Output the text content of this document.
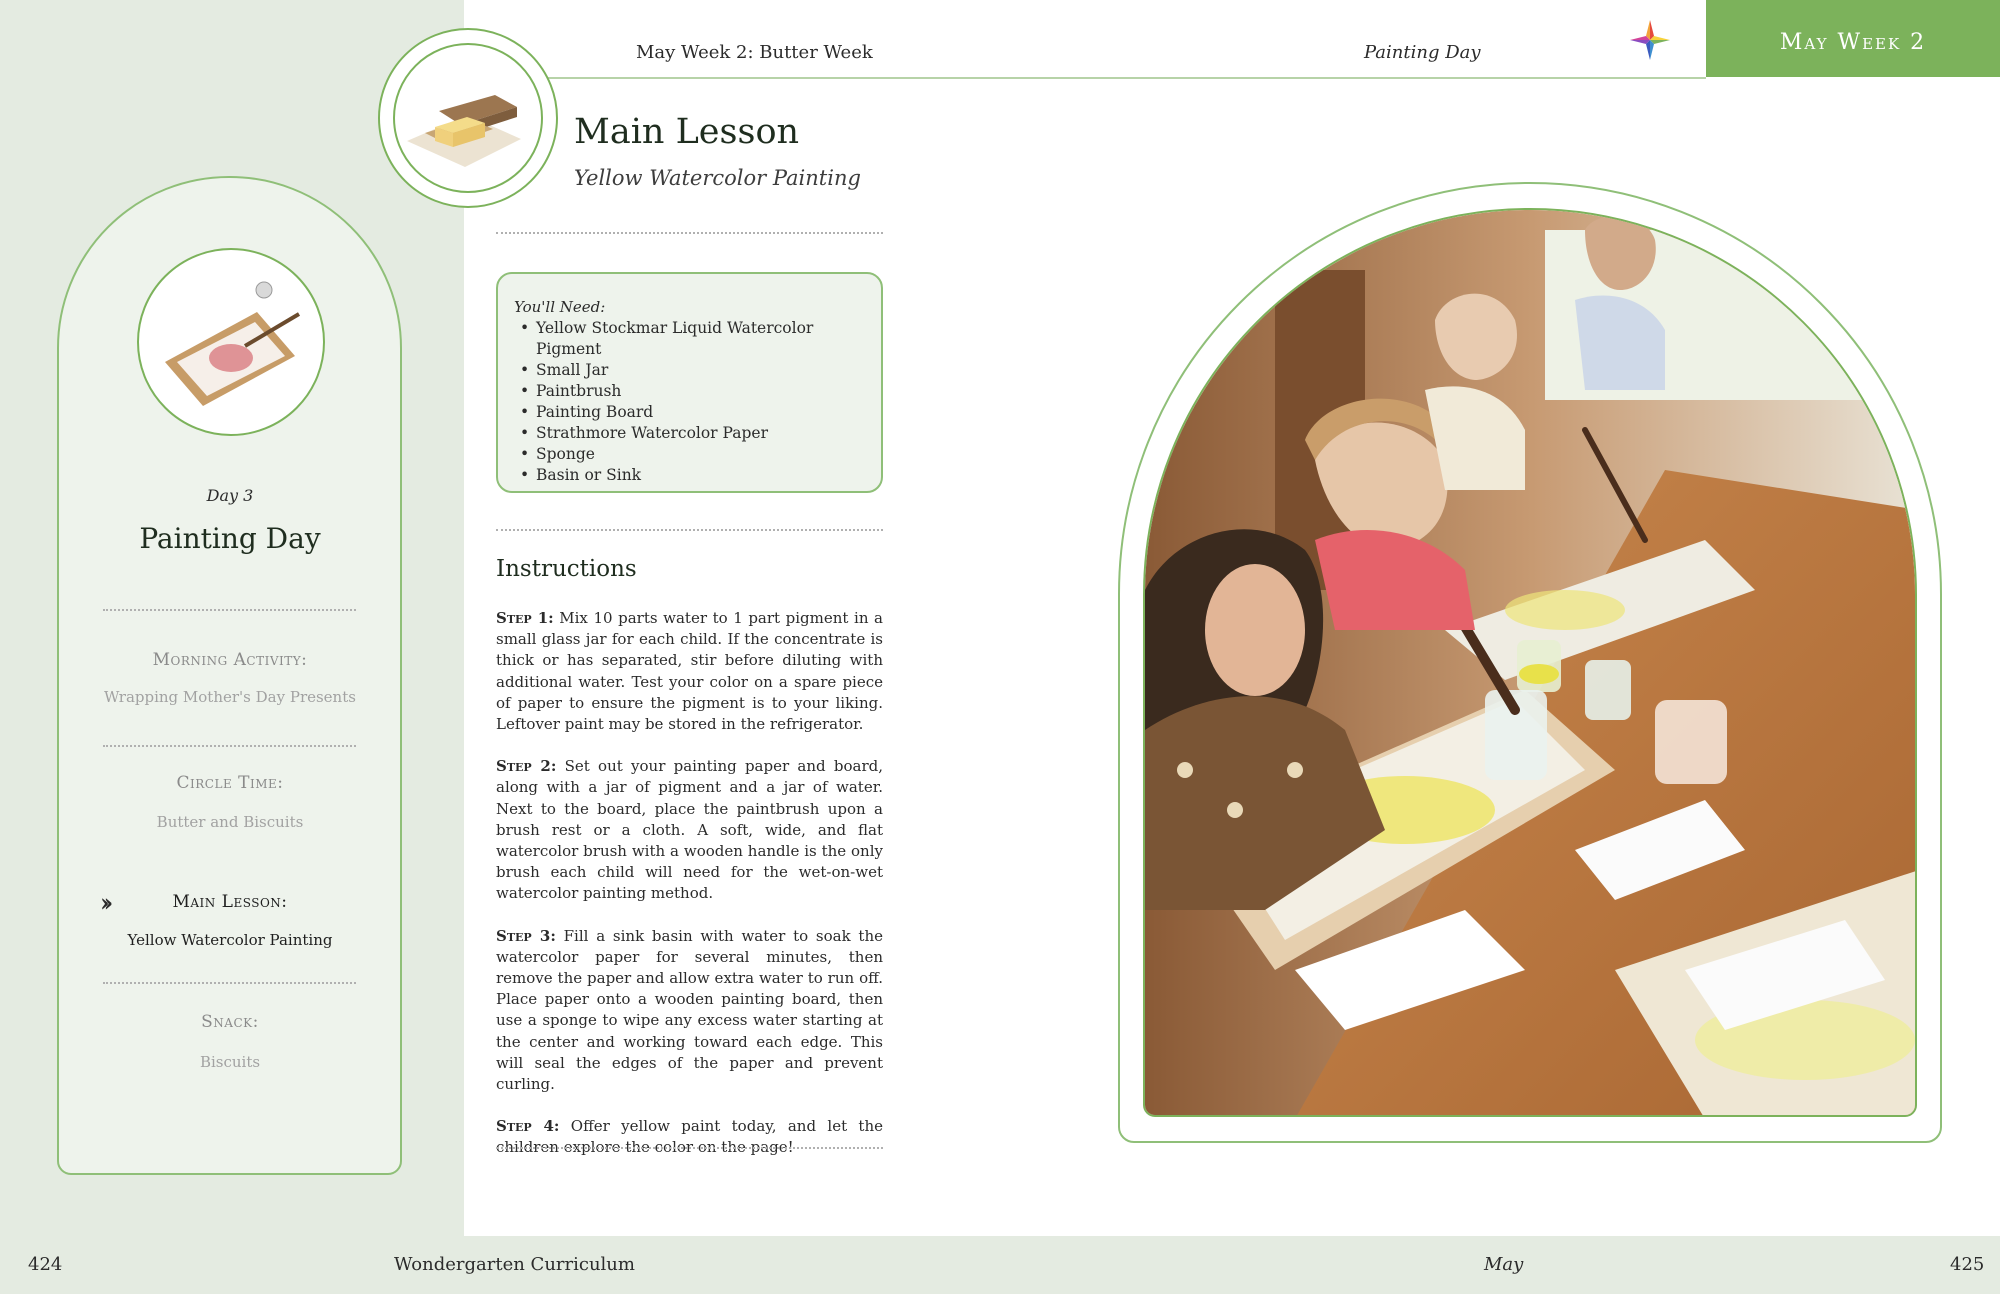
424	Wondergarten Curriculum	May	425
May Week 2: Butter Week	Painting Day	May Week 2
Day 3
Painting Day
Morning Activity:
Wrapping Mother's Day Presents
Circle Time:
Butter and Biscuits
››	Main Lesson:
Yellow Watercolor Painting
Snack:
Biscuits
Main Lesson
Yellow Watercolor Painting
You'll Need:
• Yellow Stockmar Liquid Watercolor Pigment
• Small Jar
• Paintbrush
• Painting Board
• Strathmore Watercolor Paper
• Sponge
• Basin or Sink
Instructions

Step 1: Mix 10 parts water to 1 part pigment in a small glass jar for each child. If the concentrate is thick or has separated, stir before diluting with additional water. Test your color on a spare piece of paper to ensure the pigment is to your liking. Leftover paint may be stored in the refrigerator.

Step 2: Set out your painting paper and board, along with a jar of pigment and a jar of water. Next to the board, place the paintbrush upon a brush rest or a cloth. A soft, wide, and flat watercolor brush with a wooden handle is the only brush each child will need for the wet-on-wet watercolor painting method.

Step 3: Fill a sink basin with water to soak the watercolor paper for several minutes, then remove the paper and allow extra water to run off. Place paper onto a wooden painting board, then use a sponge to wipe any excess water starting at the center and working toward each edge. This will seal the edges of the paper and prevent curling.

Step 4: Offer yellow paint today, and let the children explore the color on the page!
